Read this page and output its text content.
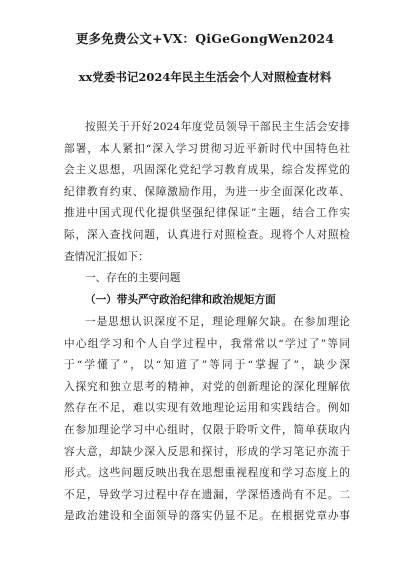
更多免费公文+VX：QiGeGongWen2024
xx党委书记2024年民主生活会个人对照检查材料
按照关于开好2024年度党员领导干部民主生活会安排
部署，本人紧扣“深入学习贯彻习近平新时代中国特色社
会主义思想，巩固深化党纪学习教育成果，综合发挥党的
纪律教育约束、保障激励作用，为进一步全面深化改革、
推进中国式现代化提供坚强纪律保证”主题，结合工作实
际，深入查找问题，认真进行对照检查。现将个人对照检
查情况汇报如下：
一、存在的主要问题
（一）带头严守政治纪律和政治规矩方面
一是思想认识深度不足，理论理解欠缺。在参加理论
中心组学习和个人自学过程中，我常常以“学过了”等同
于“学懂了”，以“知道了”等同于“掌握了”，缺少深
入探究和独立思考的精神，对党的创新理论的深化理解依
然存在不足，难以实现有效地理论运用和实践结合。例如
在参加理论学习中心组时，仅限于聆听文件，简单获取内
容大意，却缺少深入反思和探讨，形成的学习笔记亦流于
形式。这些问题反映出我在思想重视程度和学习态度上的
不足，导致学习过程中存在遗漏，学深悟透尚有不足。二
是政治建设和全面领导的落实仍显不足。在根据党章办事
